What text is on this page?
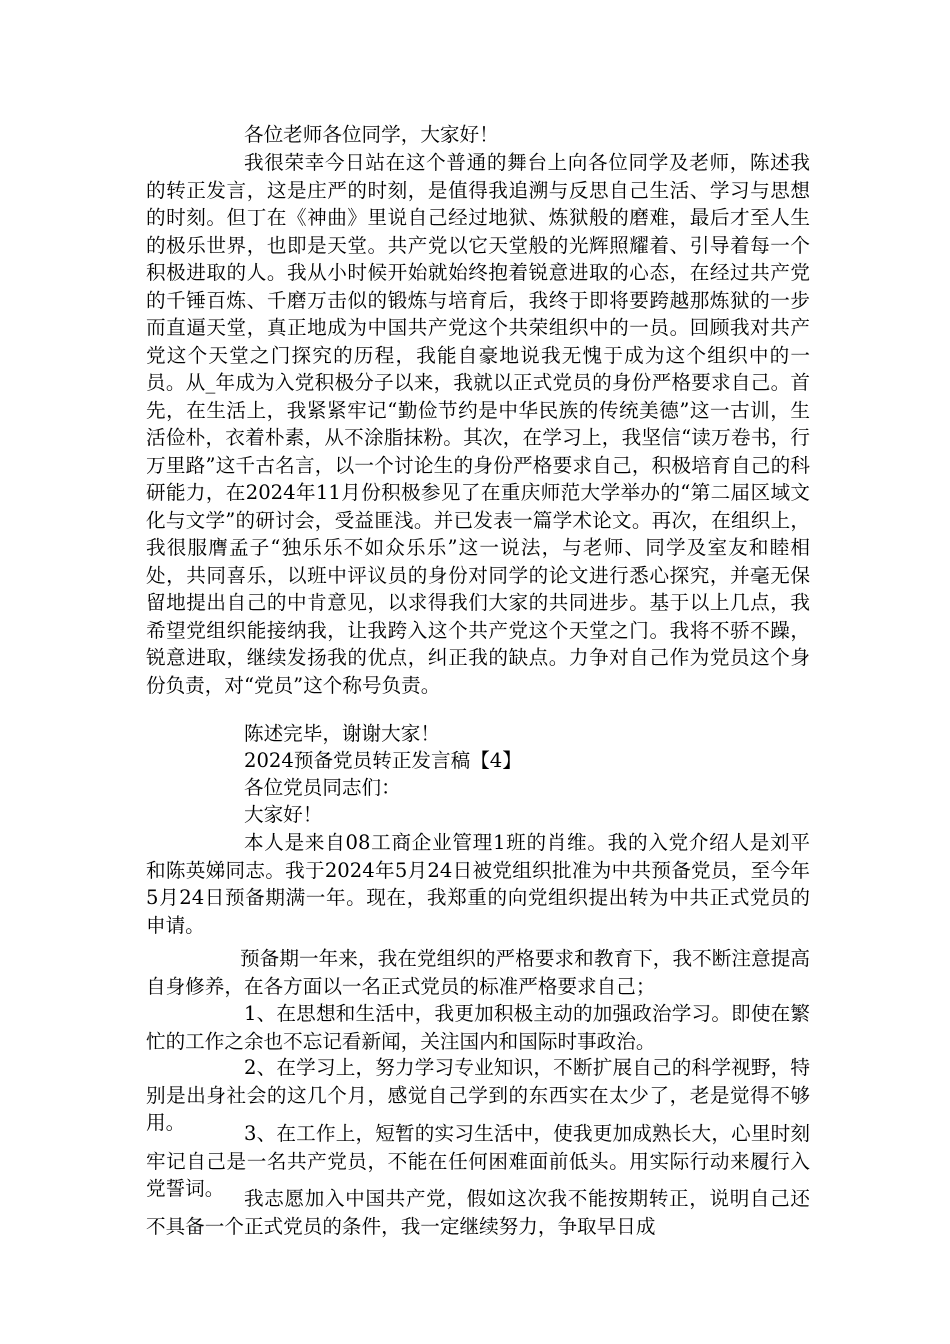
各位老师各位同学，大家好！

我很荣幸今日站在这个普通的舞台上向各位同学及老师，陈述我的转正发言，这是庄严的时刻，是值得我追溯与反思自己生活、学习与思想的时刻。但丁在《神曲》里说自己经过地狱、炼狱般的磨难，最后才至人生的极乐世界，也即是天堂。共产党以它天堂般的光辉照耀着、引导着每一个积极进取的人。我从小时候开始就始终抱着锐意进取的心态，在经过共产党的千锤百炼、千磨万击似的锻炼与培育后，我终于即将要跨越那炼狱的一步而直逼天堂，真正地成为中国共产党这个共荣组织中的一员。回顾我对共产党这个天堂之门探究的历程，我能自豪地说我无愧于成为这个组织中的一员。从_年成为入党积极分子以来，我就以正式党员的身份严格要求自己。首先，在生活上，我紧紧牢记“勤俭节约是中华民族的传统美德”这一古训，生活俭朴，衣着朴素，从不涂脂抹粉。其次，在学习上，我坚信“读万卷书，行万里路”这千古名言，以一个讨论生的身份严格要求自己，积极培育自己的科研能力，在2024年11月份积极参见了在重庆师范大学举办的“第二届区域文化与文学”的研讨会，受益匪浅。并已发表一篇学术论文。再次，在组织上，我很服膺孟子“独乐乐不如众乐乐”这一说法，与老师、同学及室友和睦相处，共同喜乐，以班中评议员的身份对同学的论文进行悉心探究，并毫无保留地提出自己的中肯意见，以求得我们大家的共同进步。基于以上几点，我希望党组织能接纳我，让我跨入这个共产党这个天堂之门。我将不骄不躁，锐意进取，继续发扬我的优点，纠正我的缺点。力争对自己作为党员这个身份负责，对“党员”这个称号负责。

陈述完毕，谢谢大家！

2024预备党员转正发言稿【4】

各位党员同志们：

大家好！

本人是来自08工商企业管理1班的肖维。我的入党介绍人是刘平和陈英娣同志。我于2024年5月24日被党组织批准为中共预备党员，至今年5月24日预备期满一年。现在，我郑重的向党组织提出转为中共正式党员的申请。

预备期一年来，我在党组织的严格要求和教育下，我不断注意提高自身修养，在各方面以一名正式党员的标准严格要求自己；

1、在思想和生活中，我更加积极主动的加强政治学习。即使在繁忙的工作之余也不忘记看新闻，关注国内和国际时事政治。

2、在学习上，努力学习专业知识，不断扩展自己的科学视野，特别是出身社会的这几个月，感觉自己学到的东西实在太少了，老是觉得不够用。	3、在工作上，短暂的实习生活中，使我更加成熟长大，心里时刻牢记自己是一名共产党员，不能在任何困难面前低头。用实际行动来履行入党誓词。	我志愿加入中国共产党，假如这次我不能按期转正，说明自己还不具备一个正式党员的条件，我一定继续努力，争取早日成
